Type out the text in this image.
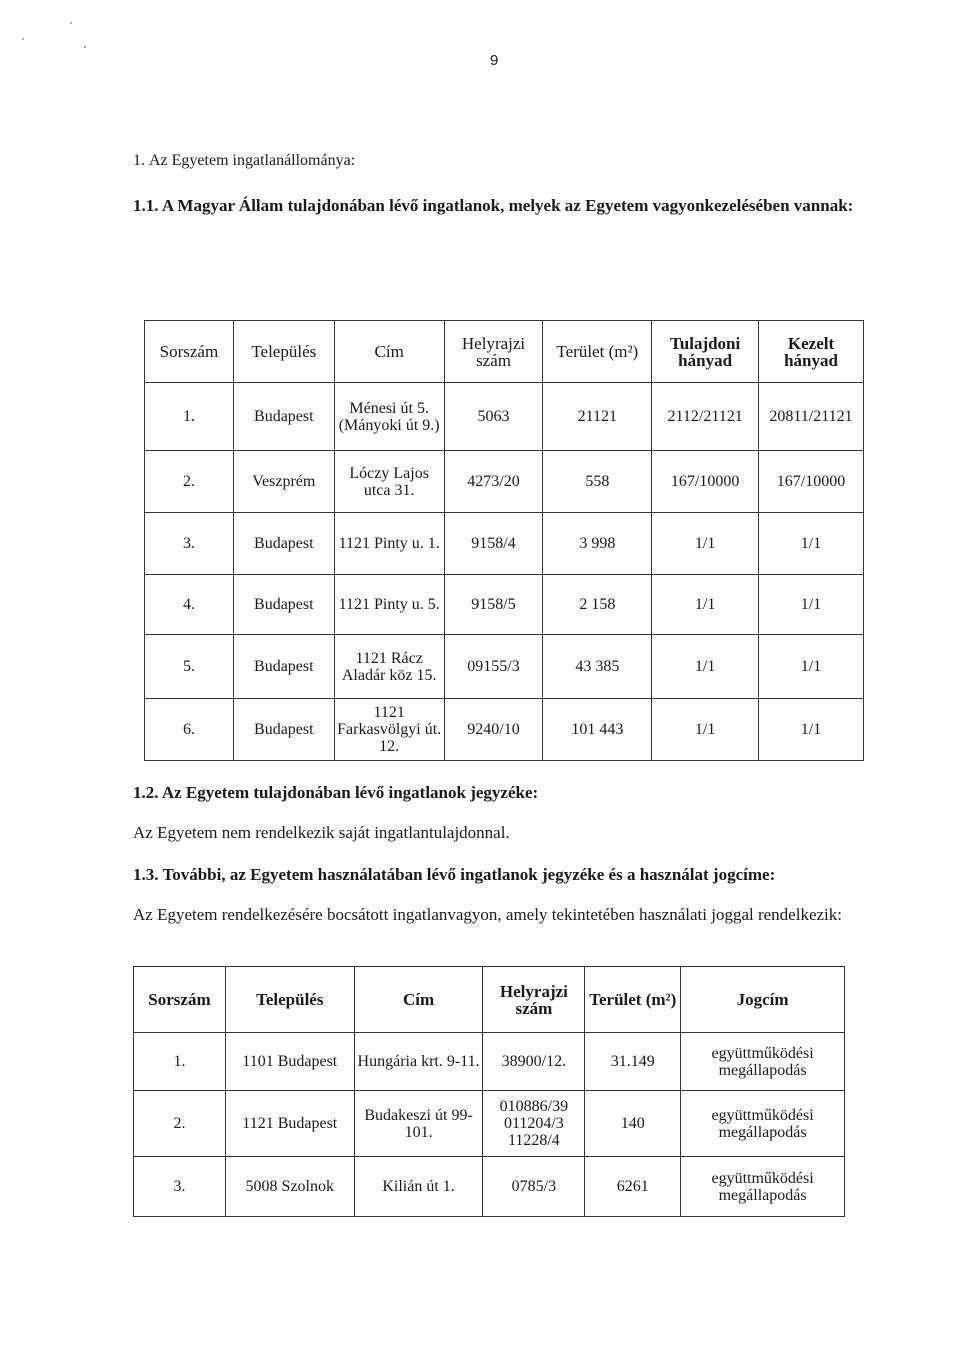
9
1. Az Egyetem ingatlanállománya:
1.1. A Magyar Állam tulajdonában lévő ingatlanok, melyek az Egyetem vagyonkezelésében vannak:
Sorszám	Település	Cím	Helyrajzi szám	Terület (m²)	Tulajdoni hányad	Kezelt hányad
1.	Budapest	Ménesi út 5. (Mányoki út 9.)	5063	21121	2112/21121	20811/21121
2.	Veszprém	Lóczy Lajos utca 31.	4273/20	558	167/10000	167/10000
3.	Budapest	1121 Pinty u. 1.	9158/4	3 998	1/1	1/1
4.	Budapest	1121 Pinty u. 5.	9158/5	2 158	1/1	1/1
5.	Budapest	1121 Rácz Aladár köz 15.	09155/3	43 385	1/1	1/1
6.	Budapest	1121 Farkasvölgyi út. 12.	9240/10	101 443	1/1	1/1
1.2. Az Egyetem tulajdonában lévő ingatlanok jegyzéke:
Az Egyetem nem rendelkezik saját ingatlantulajdonnal.
1.3. További, az Egyetem használatában lévő ingatlanok jegyzéke és a használat jogcíme:
Az Egyetem rendelkezésére bocsátott ingatlanvagyon, amely tekintetében használati joggal rendelkezik:
Sorszám	Település	Cím	Helyrajzi szám	Terület (m²)	Jogcím
1.	1101 Budapest	Hungária krt. 9-11.	38900/12.	31.149	együttműködési megállapodás
2.	1121 Budapest	Budakeszi út 99-101.	010886/39 011204/3 11228/4	140	együttműködési megállapodás
3.	5008 Szolnok	Kilián út 1.	0785/3	6261	együttműködési megállapodás
